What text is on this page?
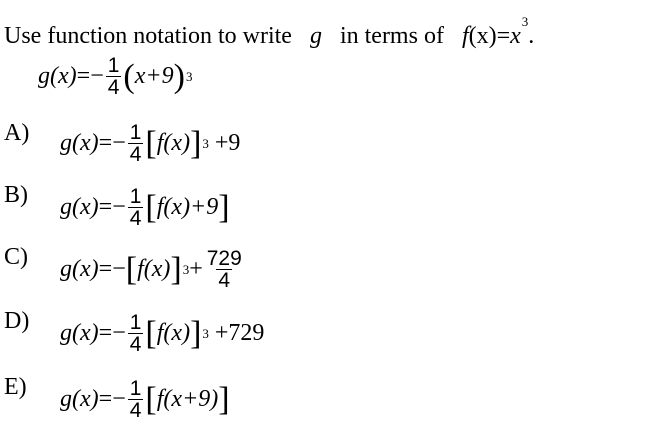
Use function notation to write g in terms of $f(x)=x^3$.
g(x) = − $\frac{1}{4}$ ( x+9 ) 3
A) g(x) = − $\frac{1}{4}$ [ f(x) ] 3 +9
B) g(x) = − $\frac{1}{4}$ [ f(x)+9 ]
C) g(x) = − [ f(x) ] $3 + \frac{729}{4}$
D) g(x) = − $\frac{1}{4}$ [ f(x) ] 3 +729
E) g(x) = − $\frac{1}{4}$ [ f(x+9) ]
